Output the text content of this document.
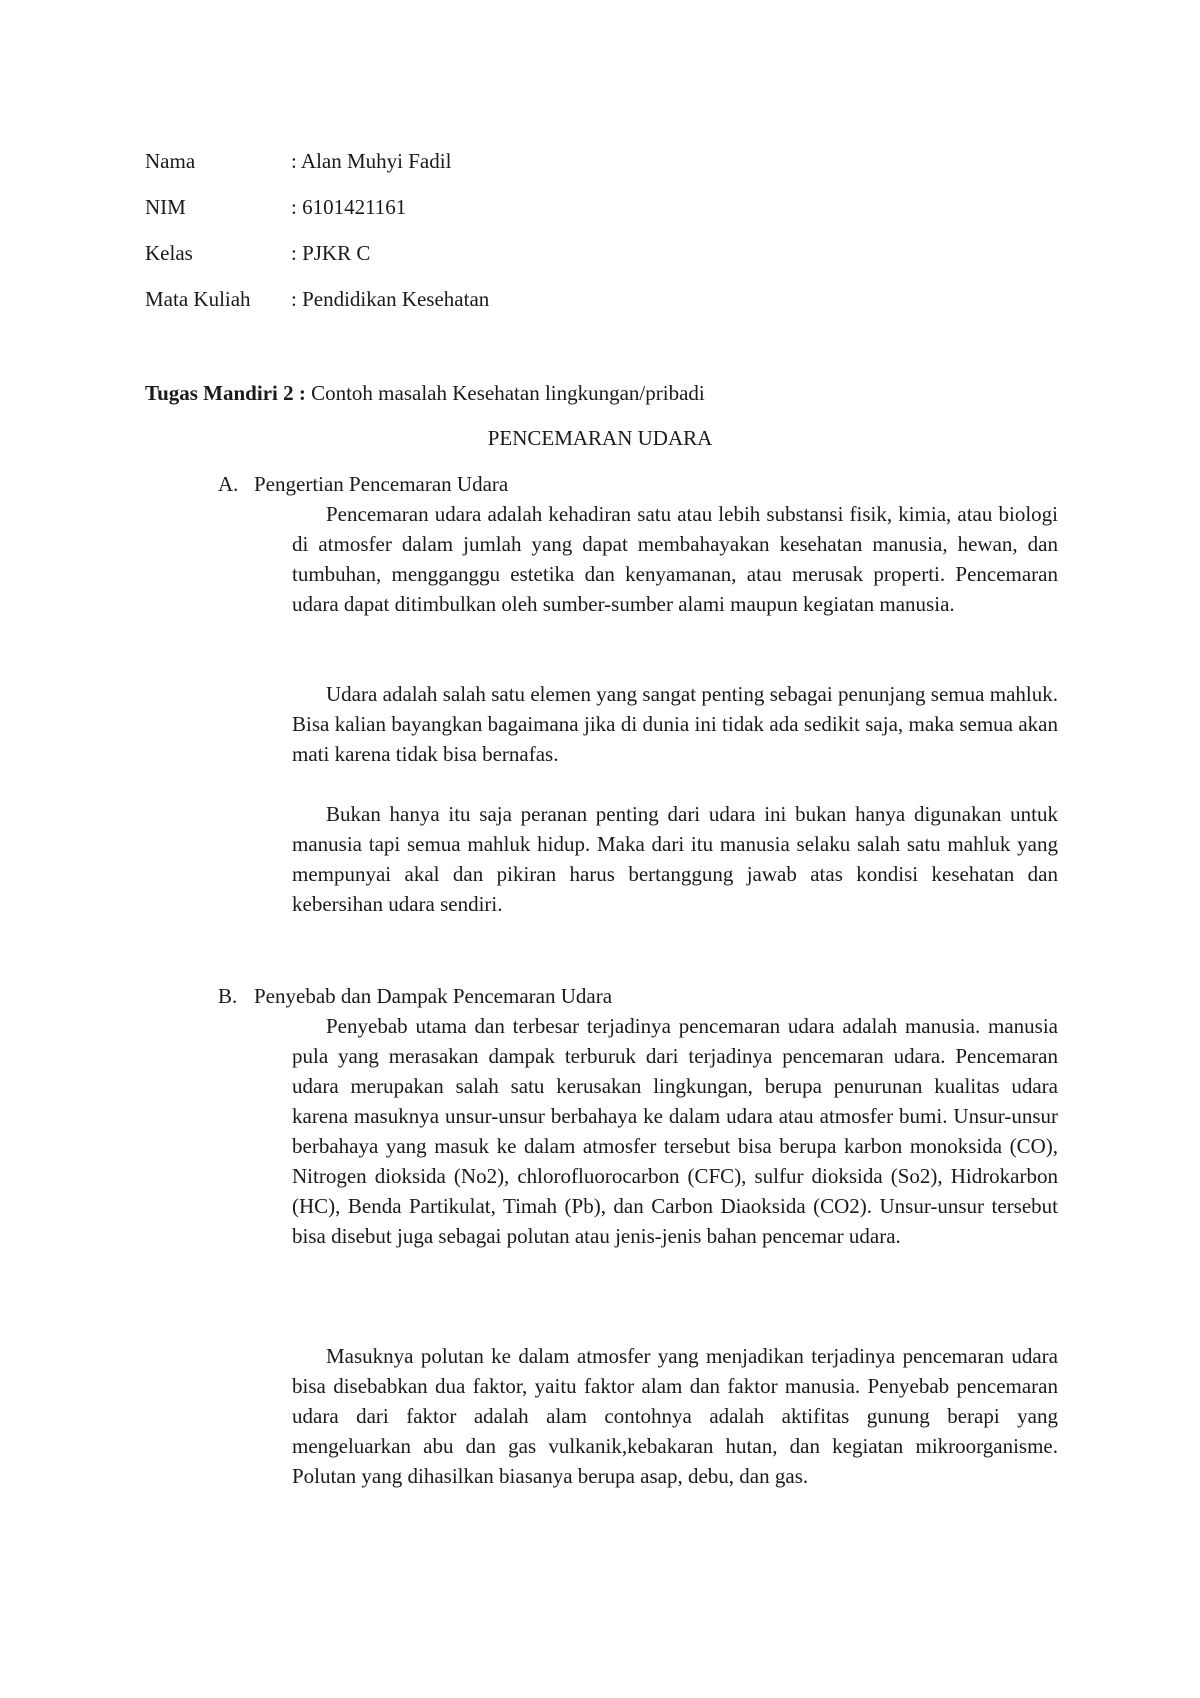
Nama	: Alan Muhyi Fadil
NIM	: 6101421161
Kelas	: PJKR C
Mata Kuliah : Pendidikan Kesehatan
Tugas Mandiri 2 : Contoh masalah Kesehatan lingkungan/pribadi
PENCEMARAN UDARA
A. Pengertian Pencemaran Udara

Pencemaran udara adalah kehadiran satu atau lebih substansi fisik, kimia, atau biologi di atmosfer dalam jumlah yang dapat membahayakan kesehatan manusia, hewan, dan tumbuhan, mengganggu estetika dan kenyamanan, atau merusak properti. Pencemaran udara dapat ditimbulkan oleh sumber-sumber alami maupun kegiatan manusia.

Udara adalah salah satu elemen yang sangat penting sebagai penunjang semua mahluk. Bisa kalian bayangkan bagaimana jika di dunia ini tidak ada sedikit saja, maka semua akan mati karena tidak bisa bernafas.

Bukan hanya itu saja peranan penting dari udara ini bukan hanya digunakan untuk manusia tapi semua mahluk hidup. Maka dari itu manusia selaku salah satu mahluk yang mempunyai akal dan pikiran harus bertanggung jawab atas kondisi kesehatan dan kebersihan udara sendiri.

B. Penyebab dan Dampak Pencemaran Udara

Penyebab utama dan terbesar terjadinya pencemaran udara adalah manusia. manusia pula yang merasakan dampak terburuk dari terjadinya pencemaran udara. Pencemaran udara merupakan salah satu kerusakan lingkungan, berupa penurunan kualitas udara karena masuknya unsur-unsur berbahaya ke dalam udara atau atmosfer bumi. Unsur-unsur berbahaya yang masuk ke dalam atmosfer tersebut bisa berupa karbon monoksida (CO), Nitrogen dioksida (No2), chlorofluorocarbon (CFC), sulfur dioksida (So2), Hidrokarbon (HC), Benda Partikulat, Timah (Pb), dan Carbon Diaoksida (CO2). Unsur-unsur tersebut bisa disebut juga sebagai polutan atau jenis-jenis bahan pencemar udara.

Masuknya polutan ke dalam atmosfer yang menjadikan terjadinya pencemaran udara bisa disebabkan dua faktor, yaitu faktor alam dan faktor manusia. Penyebab pencemaran udara dari faktor adalah alam contohnya adalah aktifitas gunung berapi yang mengeluarkan abu dan gas vulkanik,kebakaran hutan, dan kegiatan mikroorganisme. Polutan yang dihasilkan biasanya berupa asap, debu, dan gas.
